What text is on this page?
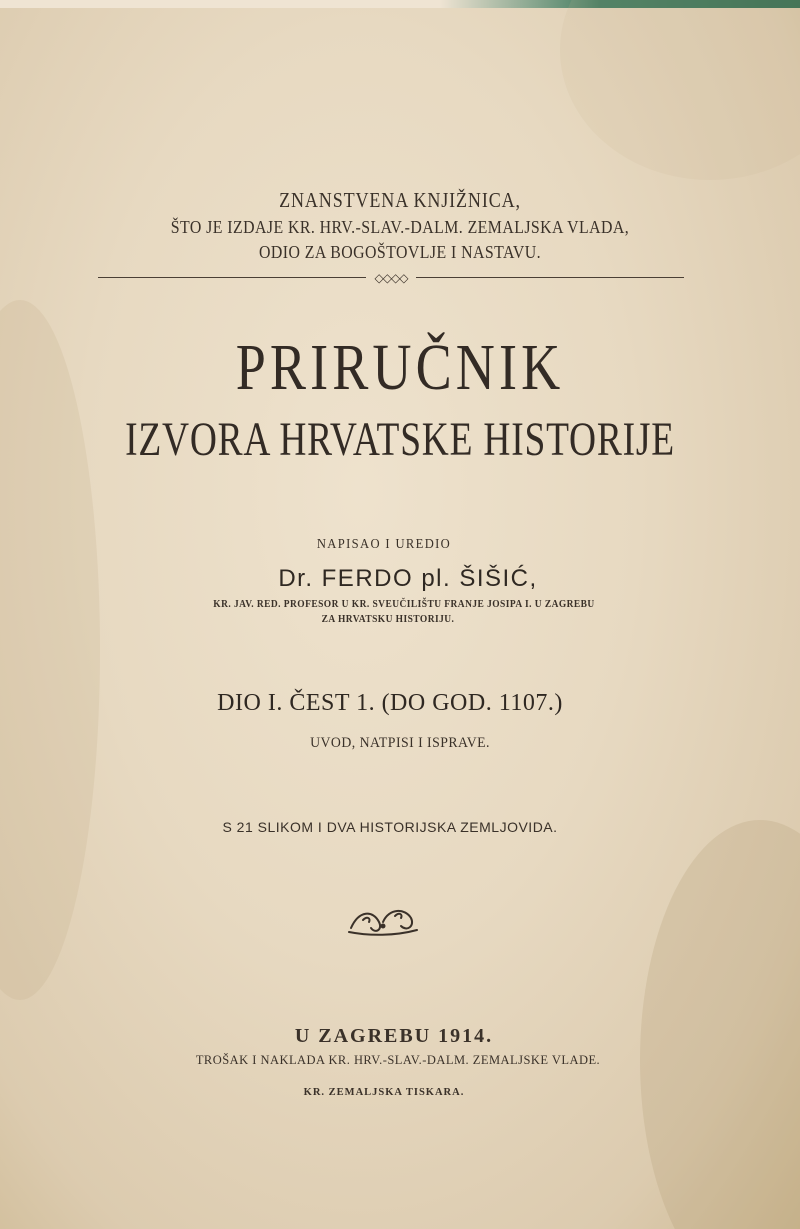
ZNANSTVENA KNJIŽNICA,
ŠTO JE IZDAJE KR. HRV.-SLAV.-DALM. ZEMALJSKA VLADA,
ODIO ZA BOGOŠTOVLJE I NASTAVU.
◇◇◇◇
PRIRUČNIK
IZVORA HRVATSKE HISTORIJE
NAPISAO I UREDIO
Dr. FERDO pl. ŠIŠIĆ,
KR. JAV. RED. PROFESOR U KR. SVEUČILIŠTU FRANJE JOSIPA I. U ZAGREBU
ZA HRVATSKU HISTORIJU.
DIO I. ČEST 1. (DO GOD. 1107.)
UVOD, NATPISI I ISPRAVE.
S 21 SLIKOM I DVA HISTORIJSKA ZEMLJOVIDA.
U ZAGREBU 1914.
TROŠAK I NAKLADA KR. HRV.-SLAV.-DALM. ZEMALJSKE VLADE.
KR. ZEMALJSKA TISKARA.
